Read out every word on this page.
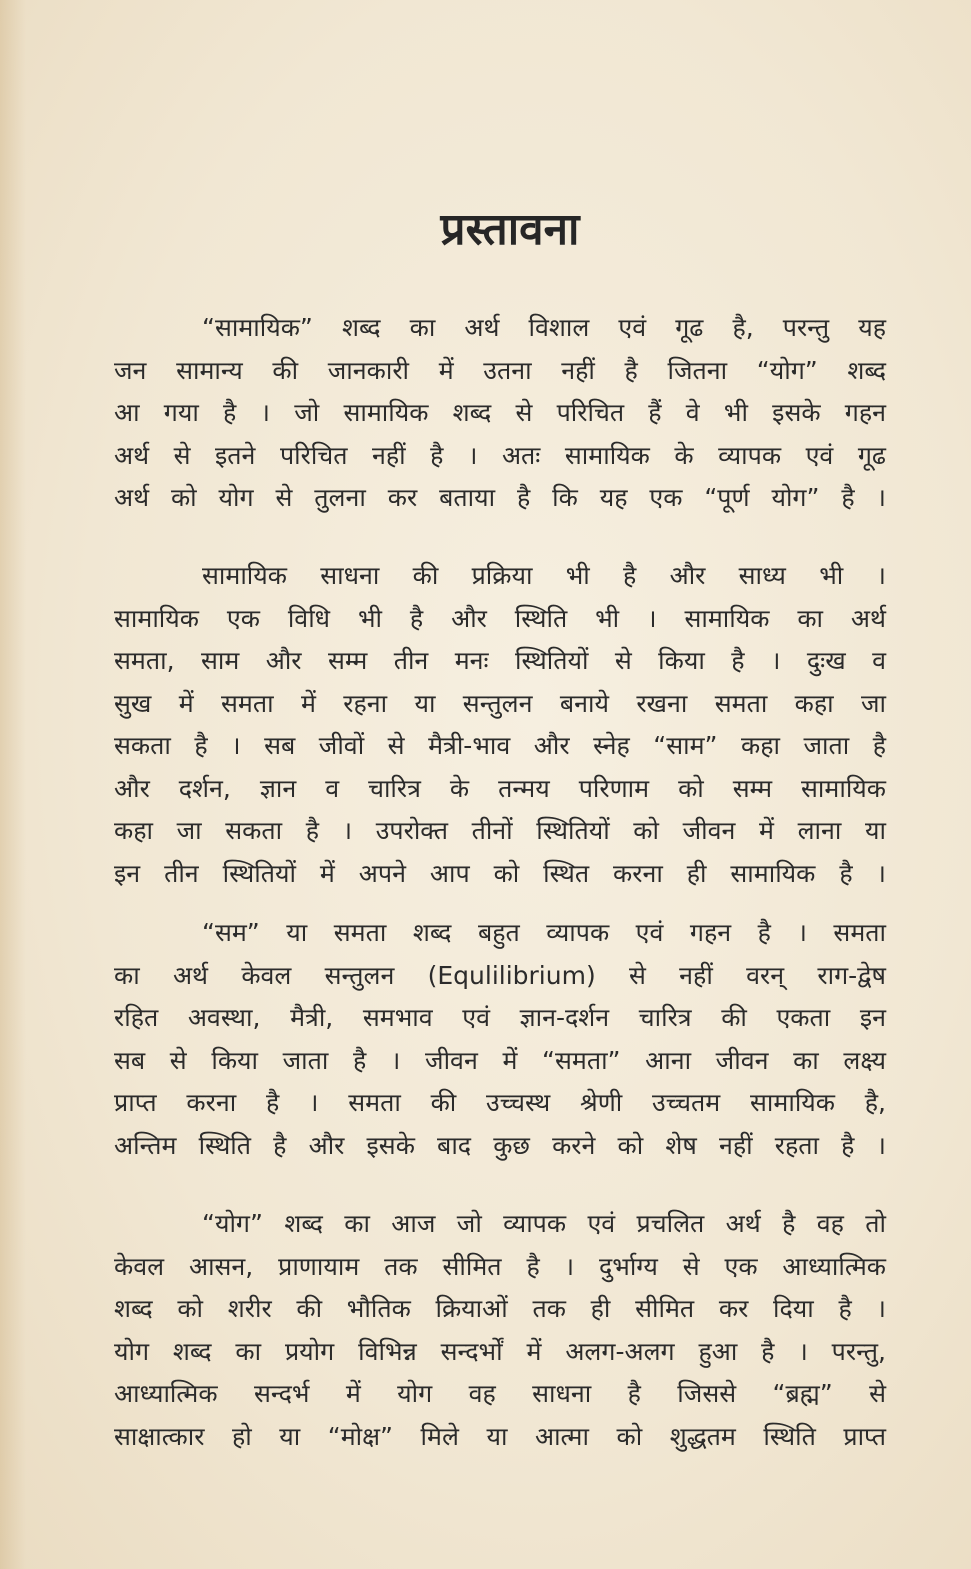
प्रस्तावना
“सामायिक” शब्द का अर्थ विशाल एवं गूढ है, परन्तु यह
जन सामान्य की जानकारी में उतना नहीं है जितना “योग” शब्द
आ गया है । जो सामायिक शब्द से परिचित हैं वे भी इसके गहन
अर्थ से इतने परिचित नहीं है । अतः सामायिक के व्यापक एवं गूढ
अर्थ को योग से तुलना कर बताया है कि यह एक “पूर्ण योग” है ।
सामायिक साधना की प्रक्रिया भी है और साध्य भी ।
सामायिक एक विधि भी है और स्थिति भी । सामायिक का अर्थ
समता, साम और सम्म तीन मनः स्थितियों से किया है । दुःख व
सुख में समता में रहना या सन्तुलन बनाये रखना समता कहा जा
सकता है । सब जीवों से मैत्री-भाव और स्नेह “साम” कहा जाता है
और दर्शन, ज्ञान व चारित्र के तन्मय परिणाम को सम्म सामायिक
कहा जा सकता है । उपरोक्त तीनों स्थितियों को जीवन में लाना या
इन तीन स्थितियों में अपने आप को स्थित करना ही सामायिक है ।
“सम” या समता शब्द बहुत व्यापक एवं गहन है । समता
का अर्थ केवल सन्तुलन (Equlilibrium) से नहीं वरन् राग-द्वेष
रहित अवस्था, मैत्री, समभाव एवं ज्ञान-दर्शन चारित्र की एकता इन
सब से किया जाता है । जीवन में “समता” आना जीवन का लक्ष्य
प्राप्त करना है । समता की उच्चस्थ श्रेणी उच्चतम सामायिक है,
अन्तिम स्थिति है और इसके बाद कुछ करने को शेष नहीं रहता है ।
“योग” शब्द का आज जो व्यापक एवं प्रचलित अर्थ है वह तो
केवल आसन, प्राणायाम तक सीमित है । दुर्भाग्य से एक आध्यात्मिक
शब्द को शरीर की भौतिक क्रियाओं तक ही सीमित कर दिया है ।
योग शब्द का प्रयोग विभिन्न सन्दर्भों में अलग-अलग हुआ है । परन्तु,
आध्यात्मिक सन्दर्भ में योग वह साधना है जिससे “ब्रह्म” से
साक्षात्कार हो या “मोक्ष” मिले या आत्मा को शुद्धतम स्थिति प्राप्त
